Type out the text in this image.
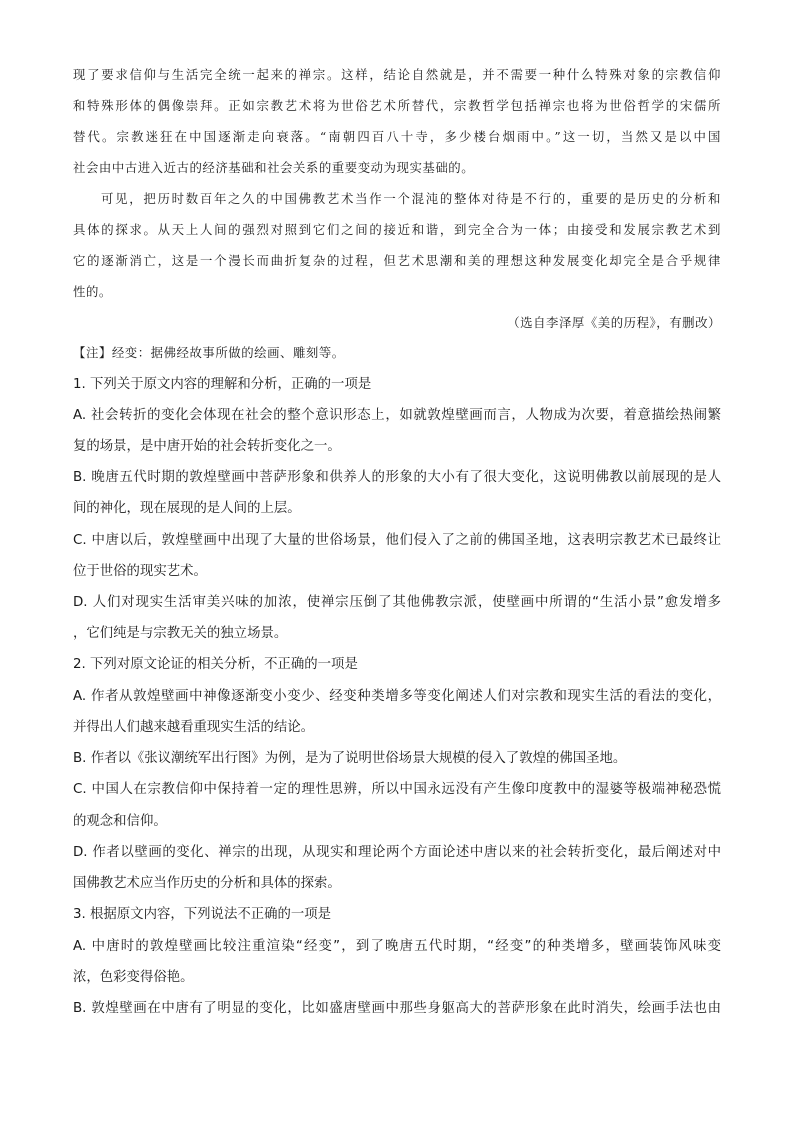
现了要求信仰与生活完全统一起来的禅宗。这样，结论自然就是，并不需要一种什么特殊对象的宗教信仰
和特殊形体的偶像崇拜。正如宗教艺术将为世俗艺术所替代，宗教哲学包括禅宗也将为世俗哲学的宋儒所
替代。宗教迷狂在中国逐渐走向衰落。“南朝四百八十寺，多少楼台烟雨中。”这一切，当然又是以中国
社会由中古进入近古的经济基础和社会关系的重要变动为现实基础的。
可见，把历时数百年之久的中国佛教艺术当作一个混沌的整体对待是不行的，重要的是历史的分析和
具体的探求。从天上人间的强烈对照到它们之间的接近和谐，到完全合为一体；由接受和发展宗教艺术到
它的逐渐消亡，这是一个漫长而曲折复杂的过程，但艺术思潮和美的理想这种发展变化却完全是合乎规律
性的。
（选自李泽厚《美的历程》，有删改）
【注】经变：据佛经故事所做的绘画、雕刻等。
1. 下列关于原文内容的理解和分析，正确的一项是
A. 社会转折的变化会体现在社会的整个意识形态上，如就敦煌壁画而言，人物成为次要，着意描绘热闹繁
复的场景，是中唐开始的社会转折变化之一。
B. 晚唐五代时期的敦煌壁画中菩萨形象和供养人的形象的大小有了很大变化，这说明佛教以前展现的是人
间的神化，现在展现的是人间的上层。
C. 中唐以后，敦煌壁画中出现了大量的世俗场景，他们侵入了之前的佛国圣地，这表明宗教艺术已最终让
位于世俗的现实艺术。
D. 人们对现实生活审美兴味的加浓，使禅宗压倒了其他佛教宗派，使壁画中所谓的“生活小景”愈发增多
，它们纯是与宗教无关的独立场景。
2. 下列对原文论证的相关分析，不正确的一项是
A. 作者从敦煌壁画中神像逐渐变小变少、经变种类增多等变化阐述人们对宗教和现实生活的看法的变化，
并得出人们越来越看重现实生活的结论。
B. 作者以《张议潮统军出行图》为例，是为了说明世俗场景大规模的侵入了敦煌的佛国圣地。
C. 中国人在宗教信仰中保持着一定的理性思辨，所以中国永远没有产生像印度教中的湿婆等极端神秘恐慌
的观念和信仰。
D. 作者以壁画的变化、禅宗的出现，从现实和理论两个方面论述中唐以来的社会转折变化，最后阐述对中
国佛教艺术应当作历史的分析和具体的探索。
3. 根据原文内容，下列说法不正确的一项是
A. 中唐时的敦煌壁画比较注重渲染“经变”，到了晚唐五代时期，“经变”的种类增多，壁画装饰风味变
浓，色彩变得俗艳。
B. 敦煌壁画在中唐有了明显的变化，比如盛唐壁画中那些身躯高大的菩萨形象在此时消失，绘画手法也由
